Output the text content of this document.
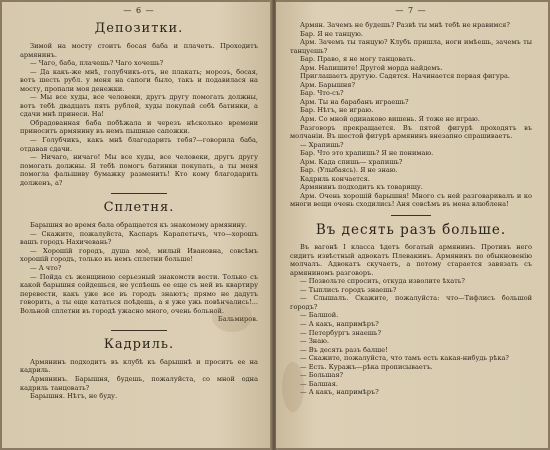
— 6 —
Депозитки.

Зимой на мосту стоитъ босая баба и плачетъ. Проходитъ армянинъ.

— Чаго, баба, плачешь? Чаго хочешь?

— Да какъ-же мнѣ, голубчикъ-отъ, не плакать; морозъ, босая, вотъ шесть рубл. у меня на сапоги было, такъ и подавилася на мосту, пропали моя денежки.

— Мы все худы, все человеки, другъ другу помогать должны, вотъ тебѣ двадцать пять рублей, худы покупай себѣ батинки, а сдачи мнѣ принеси. На!

Обрадованная баба побѣжала и черезъ нѣсколько времени приноситъ армянину въ немъ пышные сапожки.

— Голубчикъ, какъ мнѣ благодарить тебя?—говорила баба, отдавая сдачи.

— Ничаго, ничаго! Мы все худы, все человеки, другъ другу помогать должны. Я тебѣ помогъ батинки покупать, а ты меня помогла фальшиву бумажку разменить! Кто кому благодарить долженъ, а?

Сплетня.

Барышня во время бала обращается къ знакомому армянину.

— Скажите, пожалуйста, Каспаръ Карапетычъ, что—хорошъ вашъ городъ Нахичевань?

— Хорошій городъ, душа моё, милый Ивановна, совсѣмъ хорошій городъ, только въ немъ сплетни больше!

— А что?

— Пойда съ женщиною серьезный знакомств вести. Только съ какой барышня сойдешься, не успѣешь ее еще съ ней въ квартиру перевести, какъ уже все въ городъ знаютъ; прямо не дадутъ говорить, а ты еще кататься поѣдешь, а я уже ужь повѣнчались!... Вольной сплетни въ городѣ ужасно много, очень больной.

Бальмиров.

Кадриль.

Армянинъ подходитъ въ клубѣ къ барышнѣ и проситъ ее на кадриль.

Армянинъ. Барышня, будешь, пожалуйста, со мной одна кадриль танцовать?

Барышня. Нѣтъ, не буду.

— 7 —

Армян. Зачемъ не будешь? Развѣ ты мнѣ тебѣ не нравимся?

Бар. Я не танцую.

Арм. Зачемъ ты танцую? Клубъ пришла, ноги имѣешь, зачемъ ты танцуешь?

Бар. Право, я не могу танцовать.

Арм. Напишите! Другой морда найдемъ.

Приглашаетъ другую. Садятся. Начинается первая фигура.

Арм. Барышня?

Бар. Что-съ?

Арм. Ты на барабанъ играешь?

Бар. Нѣтъ, не играю.

Арм. Со мной одинаково вишень. Я тоже не играю.

Разговоръ прекращается. Въ пятой фигурѣ проходятъ въ молчаніи. Въ шестой фигурѣ армянинъ внезапно спрашиваетъ.

— Храпишь?

Бар. Что это храпишь? Я не понимаю.

Арм. Када спишь— храпишь?

Бар. (Улыбаясь). Я не знаю.

Кадриль кончается.

Армянинъ подходитъ къ товарищу.

Арм. Очень хорошій барышня! Много съ ней разговаривалъ и ко многи вещи очень сходились! Аня совсѣмъ въ мена влюблена!

Въ десять разъ больше.

Въ вагонѣ I класса ѣдетъ богатый армянинъ. Противъ него сидитъ извѣстный адвокатъ Плевакинъ. Армянинъ по обыкновенію молчалъ. Адвокатъ скучаетъ, а потому старается завязать съ армяниномъ разговоръ.

— Позвольте спросить, откуда изволите ѣхать?

— Тыплисъ городъ знаешь?

— Слышалъ. Скажите, пожалуйста: что—Тифлисъ большой городъ?

— Балшой.

— А какъ, напримѣръ?

— Петербургъ знаешь?

— Знаю.

— Въ десять разъ балше!

— Скажите, пожалуйста, что тамъ есть какая-нибудь рѣка?

— Есть. Куражъ—рѣка прописываетъ.

— Большая?

— Балшая.

— А какъ, напримѣръ?
